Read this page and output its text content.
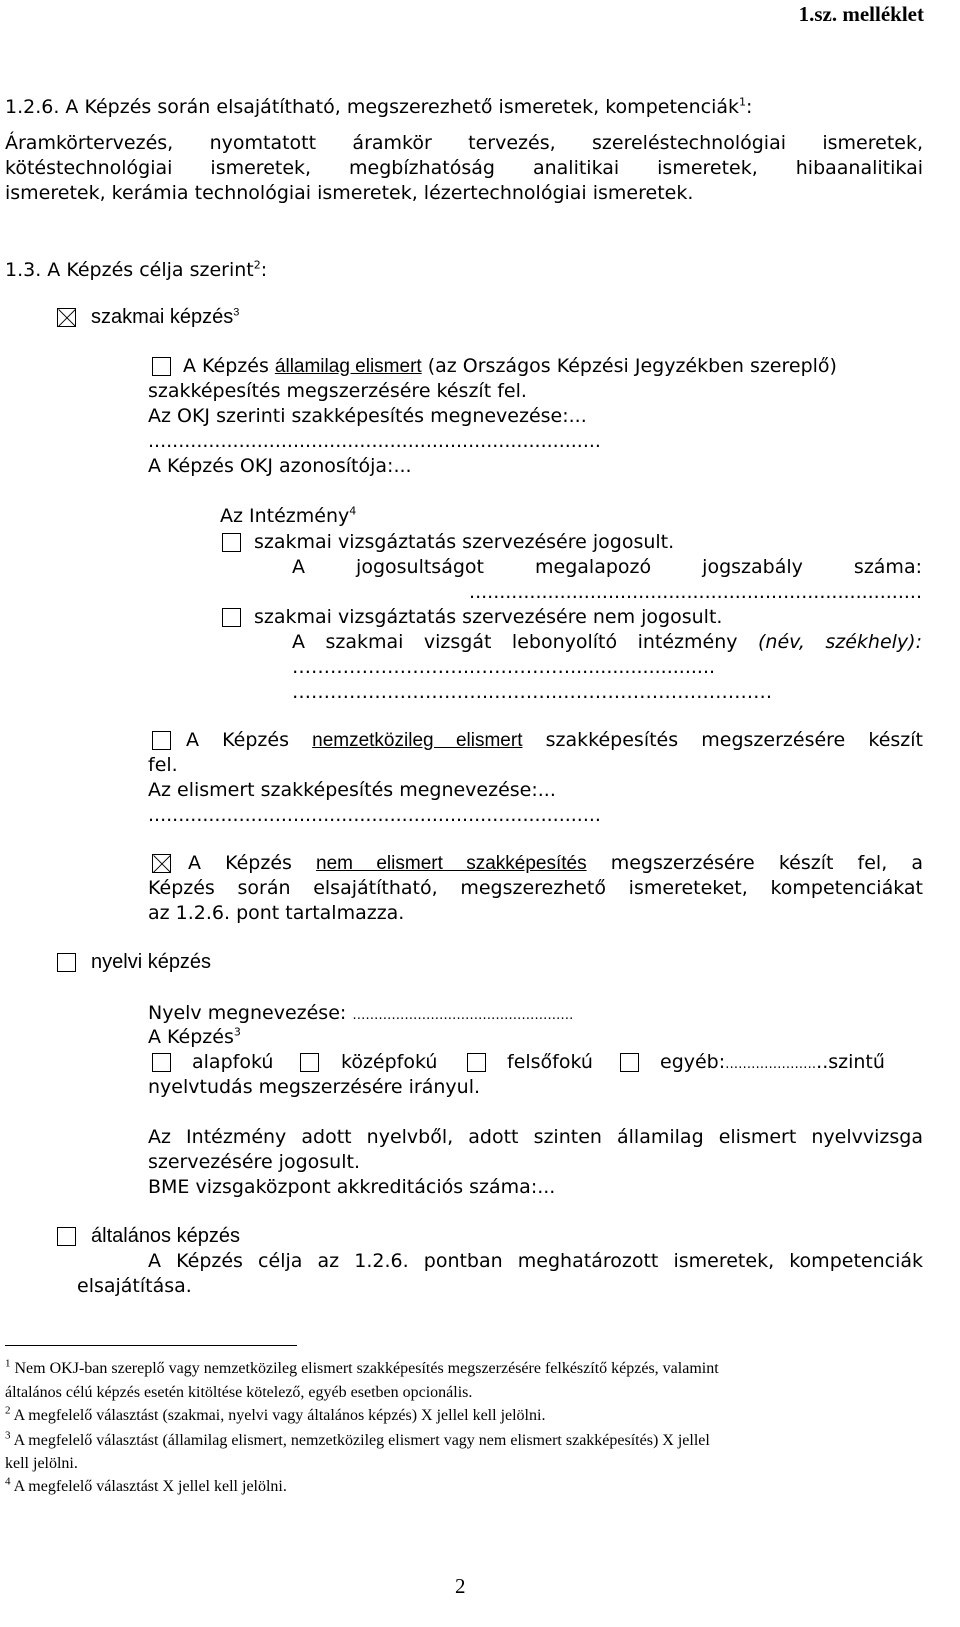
1.sz. melléklet
1.2.6. A Képzés során elsajátítható, megszerezhető ismeretek, kompetenciák$^1$:
Áramkörtervezés, nyomtatott áramkör tervezés, szereléstechnológiai ismeretek,
kötéstechnológiai ismeretek, megbízhatóság analitikai ismeretek, hibaanalitikai
ismeretek, kerámia technológiai ismeretek, lézertechnológiai ismeretek.
1.3. A Képzés célja szerint$^2$:
szakmai képzés$^3$
A Képzés államilag elismert (az Országos Képzési Jegyzékben szereplő)
szakképesítés megszerzésére készít fel.
Az OKJ szerinti szakképesítés megnevezése:...
...........................................................................
A Képzés OKJ azonosítója:...
Az Intézmény$^4$
szakmai vizsgáztatás szervezésére jogosult.
A jogosultságot megalapozó jogszabály száma:
...........................................................................
szakmai vizsgáztatás szervezésére nem jogosult.
A szakmai vizsgát lebonyolító intézmény (név, székhely):
………………………..……………........................
…………………………..………..……………………………
A Képzés nemzetközileg elismert szakképesítés megszerzésére készít
fel.
Az elismert szakképesítés megnevezése:...
...........................................................................
A Képzés nem elismert szakképesítés megszerzésére készít fel, a
Képzés során elsajátítható, megszerezhető ismereteket, kompetenciákat
az 1.2.6. pont tartalmazza.
nyelvi képzés
Nyelv megnevezése: ……………………………………………
A Képzés$^3$
alapfokú	középfokú	felsőfokú	egyéb:…………………..szintű
nyelvtudás megszerzésére irányul.
Az Intézmény adott nyelvből, adott szinten államilag elismert nyelvvizsga
szervezésére jogosult.
BME vizsgaközpont akkreditációs száma:...
általános képzés
A Képzés célja az 1.2.6. pontban meghatározott ismeretek, kompetenciák
elsajátítása.
$^1$ Nem OKJ-ban szereplő vagy nemzetközileg elismert szakképesítés megszerzésére felkészítő képzés, valamint
általános célú képzés esetén kitöltése kötelező, egyéb esetben opcionális.
$^2$ A megfelelő választást (szakmai, nyelvi vagy általános képzés) X jellel kell jelölni.
$^3$ A megfelelő választást (államilag elismert, nemzetközileg elismert vagy nem elismert szakképesítés) X jellel
kell jelölni.
$^4$ A megfelelő választást X jellel kell jelölni.
2
